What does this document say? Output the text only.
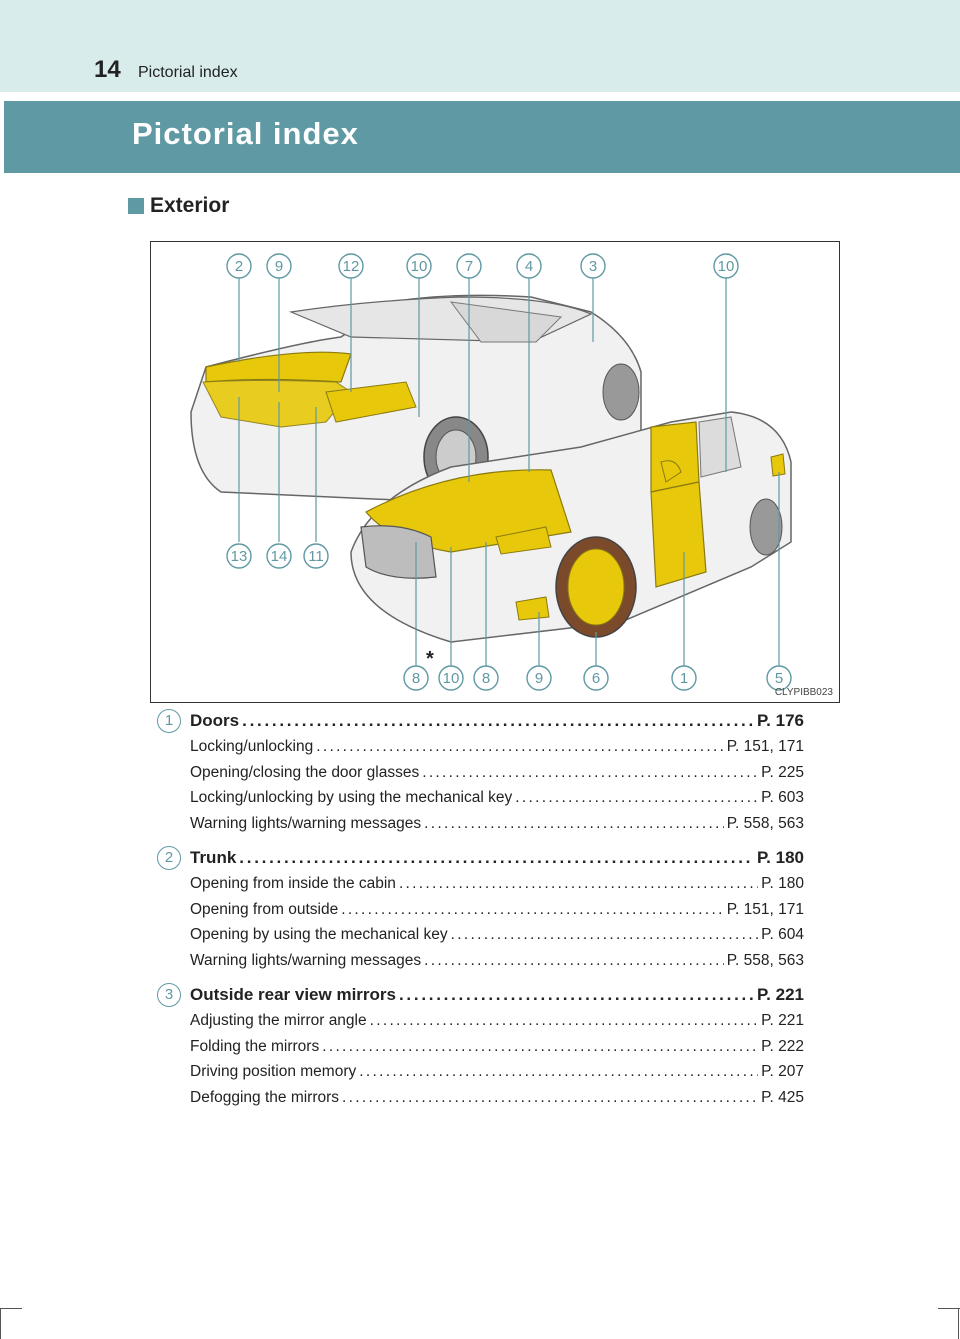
14 Pictorial index
Pictorial index
Exterior
2 9	12	10 7	4	3	10
13 14 11
8 10 8	9	6	1	5
*
CLYPIBB023
1 Doors . . .	P. 176
Locking/unlocking . . .	P. 151, 171
Opening/closing the door glasses . . .	P. 225
Locking/unlocking by using the mechanical key . . .	P. 603
Warning lights/warning messages . . .	P. 558, 563
2 Trunk . . .	P. 180
Opening from inside the cabin . . .	P. 180
Opening from outside . . .	P. 151, 171
Opening by using the mechanical key . . .	P. 604
Warning lights/warning messages . . .	P. 558, 563
3 Outside rear view mirrors . . .	P. 221
Adjusting the mirror angle . . .	P. 221
Folding the mirrors . . .	P. 222
Driving position memory . . .	P. 207
Defogging the mirrors . . .	P. 425
